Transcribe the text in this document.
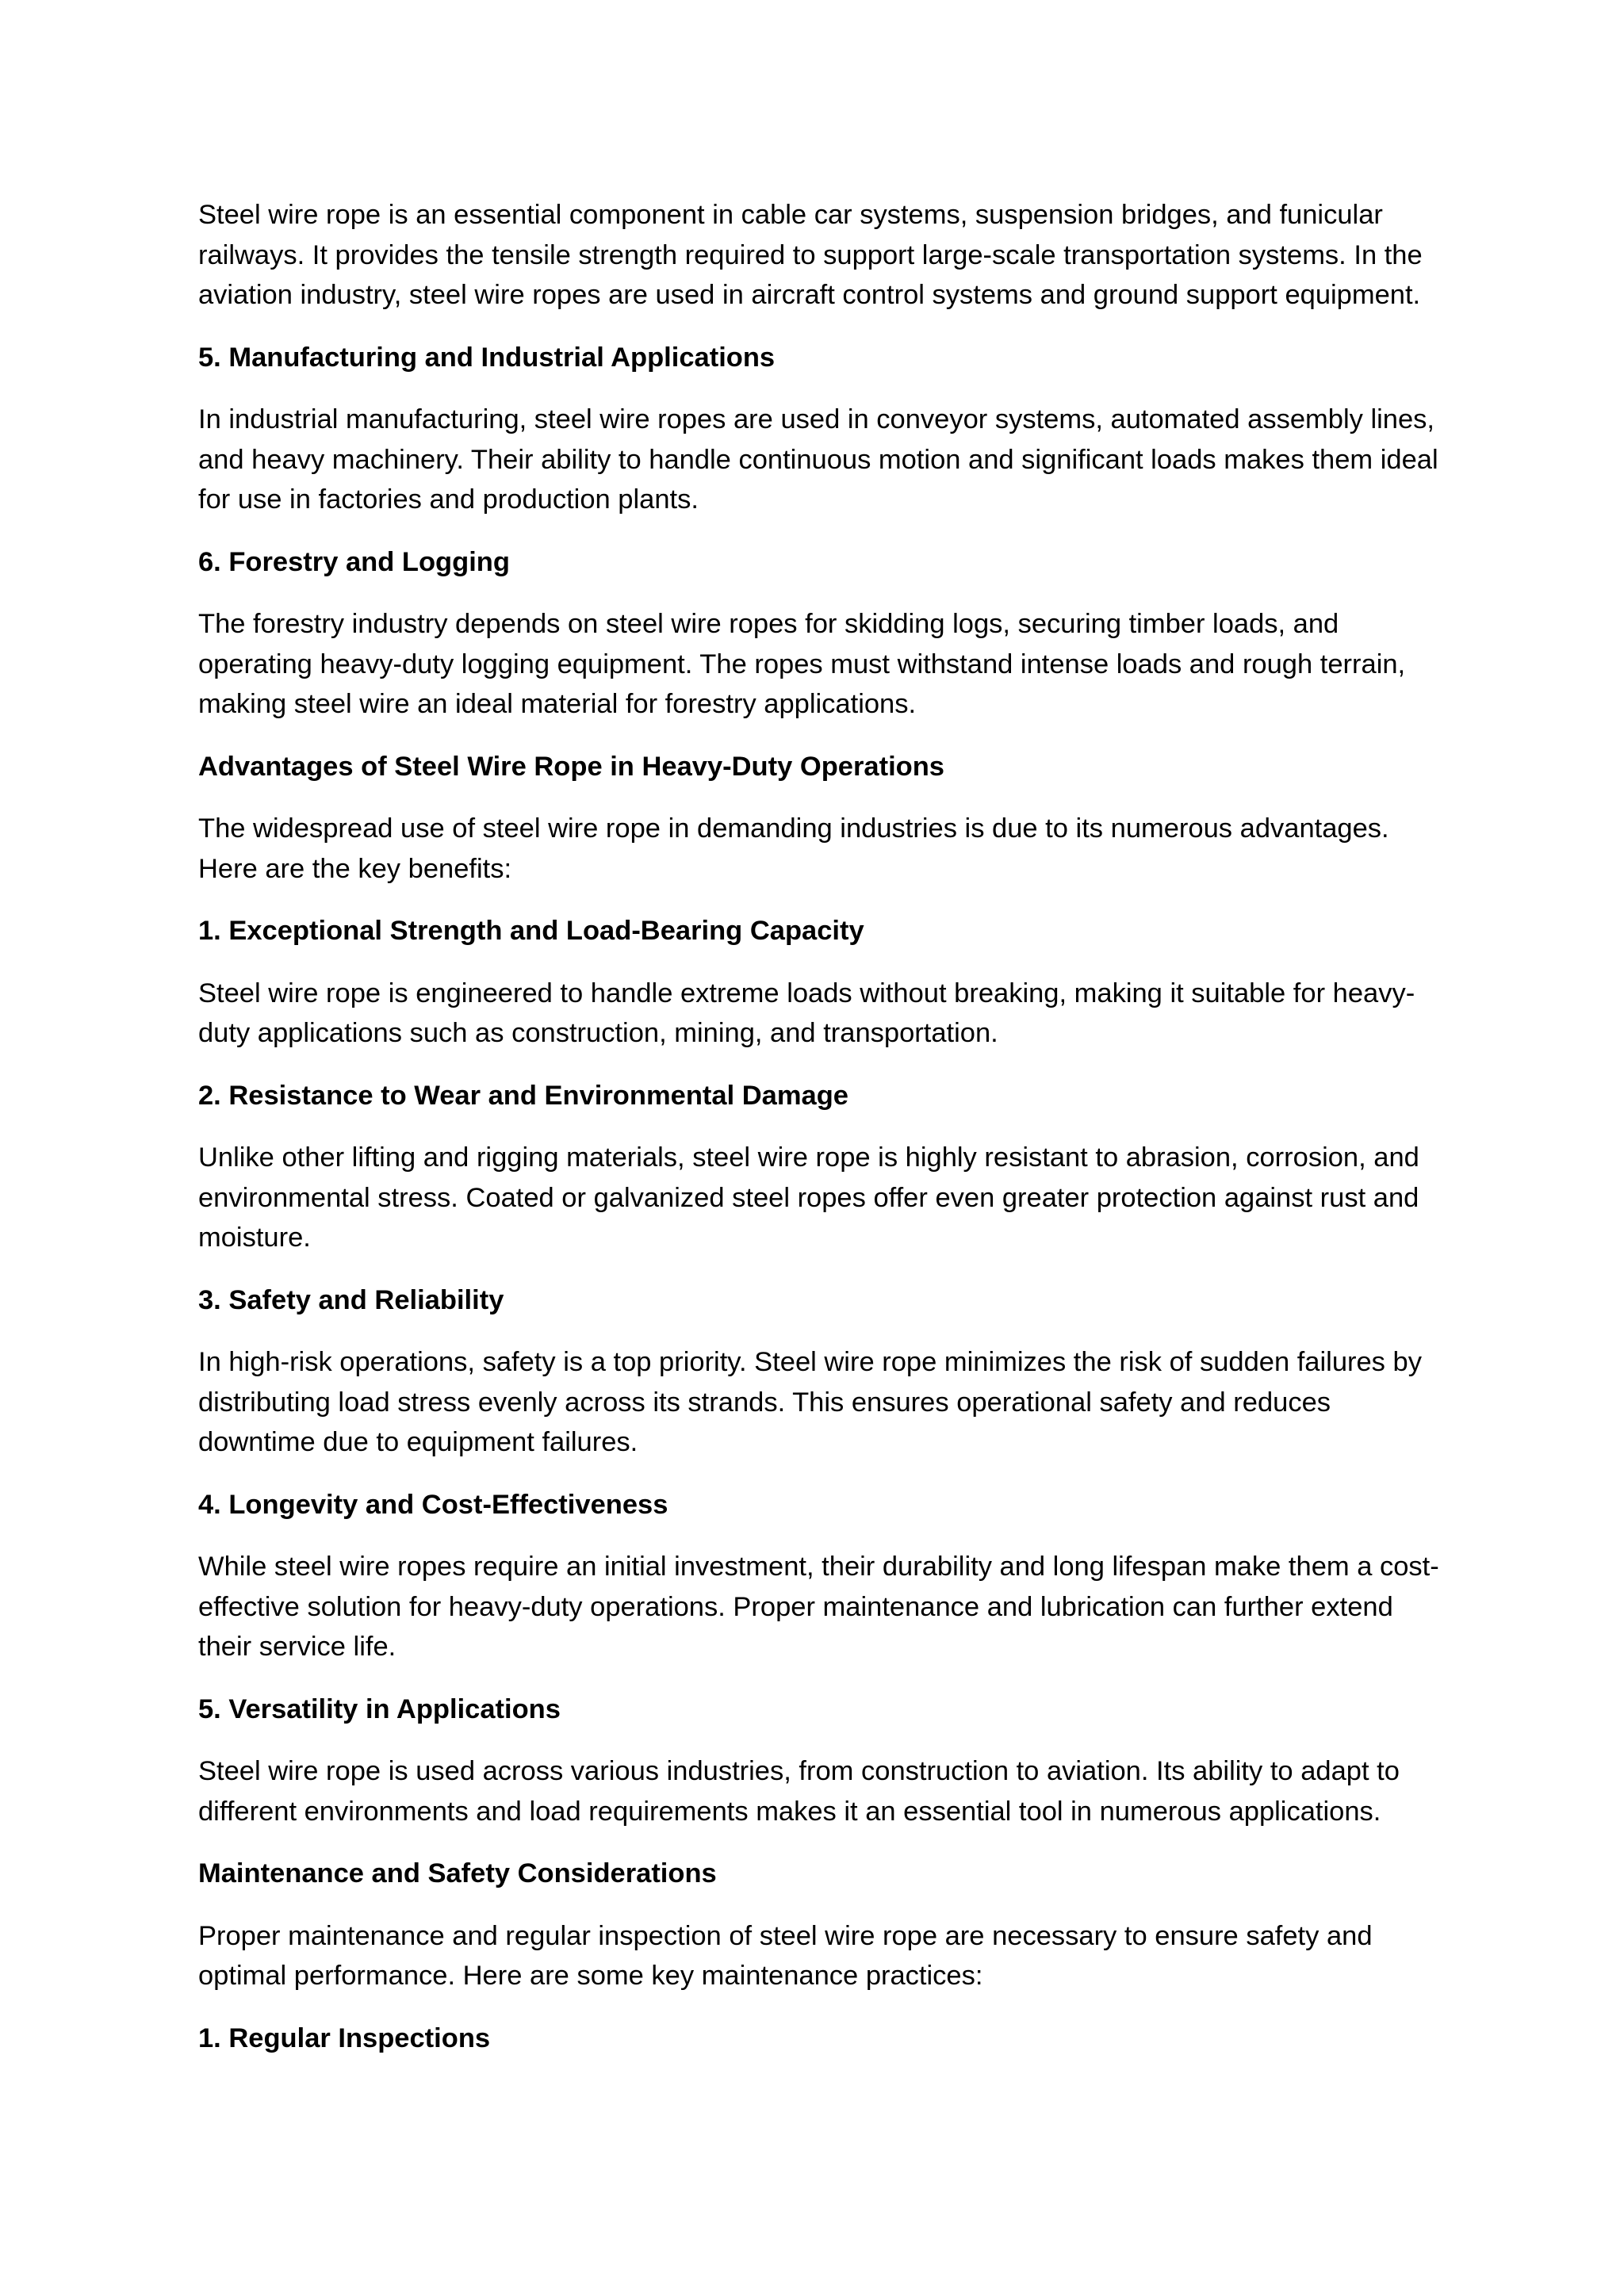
Steel wire rope is an essential component in cable car systems, suspension bridges, and funicular railways. It provides the tensile strength required to support large-scale transportation systems. In the aviation industry, steel wire ropes are used in aircraft control systems and ground support equipment.

5. Manufacturing and Industrial Applications

In industrial manufacturing, steel wire ropes are used in conveyor systems, automated assembly lines, and heavy machinery. Their ability to handle continuous motion and significant loads makes them ideal for use in factories and production plants.

6. Forestry and Logging

The forestry industry depends on steel wire ropes for skidding logs, securing timber loads, and operating heavy-duty logging equipment. The ropes must withstand intense loads and rough terrain, making steel wire an ideal material for forestry applications.

Advantages of Steel Wire Rope in Heavy-Duty Operations

The widespread use of steel wire rope in demanding industries is due to its numerous advantages. Here are the key benefits:

1. Exceptional Strength and Load-Bearing Capacity

Steel wire rope is engineered to handle extreme loads without breaking, making it suitable for heavy-duty applications such as construction, mining, and transportation.

2. Resistance to Wear and Environmental Damage

Unlike other lifting and rigging materials, steel wire rope is highly resistant to abrasion, corrosion, and environmental stress. Coated or galvanized steel ropes offer even greater protection against rust and moisture.

3. Safety and Reliability

In high-risk operations, safety is a top priority. Steel wire rope minimizes the risk of sudden failures by distributing load stress evenly across its strands. This ensures operational safety and reduces downtime due to equipment failures.

4. Longevity and Cost-Effectiveness

While steel wire ropes require an initial investment, their durability and long lifespan make them a cost-effective solution for heavy-duty operations. Proper maintenance and lubrication can further extend their service life.

5. Versatility in Applications

Steel wire rope is used across various industries, from construction to aviation. Its ability to adapt to different environments and load requirements makes it an essential tool in numerous applications.

Maintenance and Safety Considerations

Proper maintenance and regular inspection of steel wire rope are necessary to ensure safety and optimal performance. Here are some key maintenance practices:

1. Regular Inspections
